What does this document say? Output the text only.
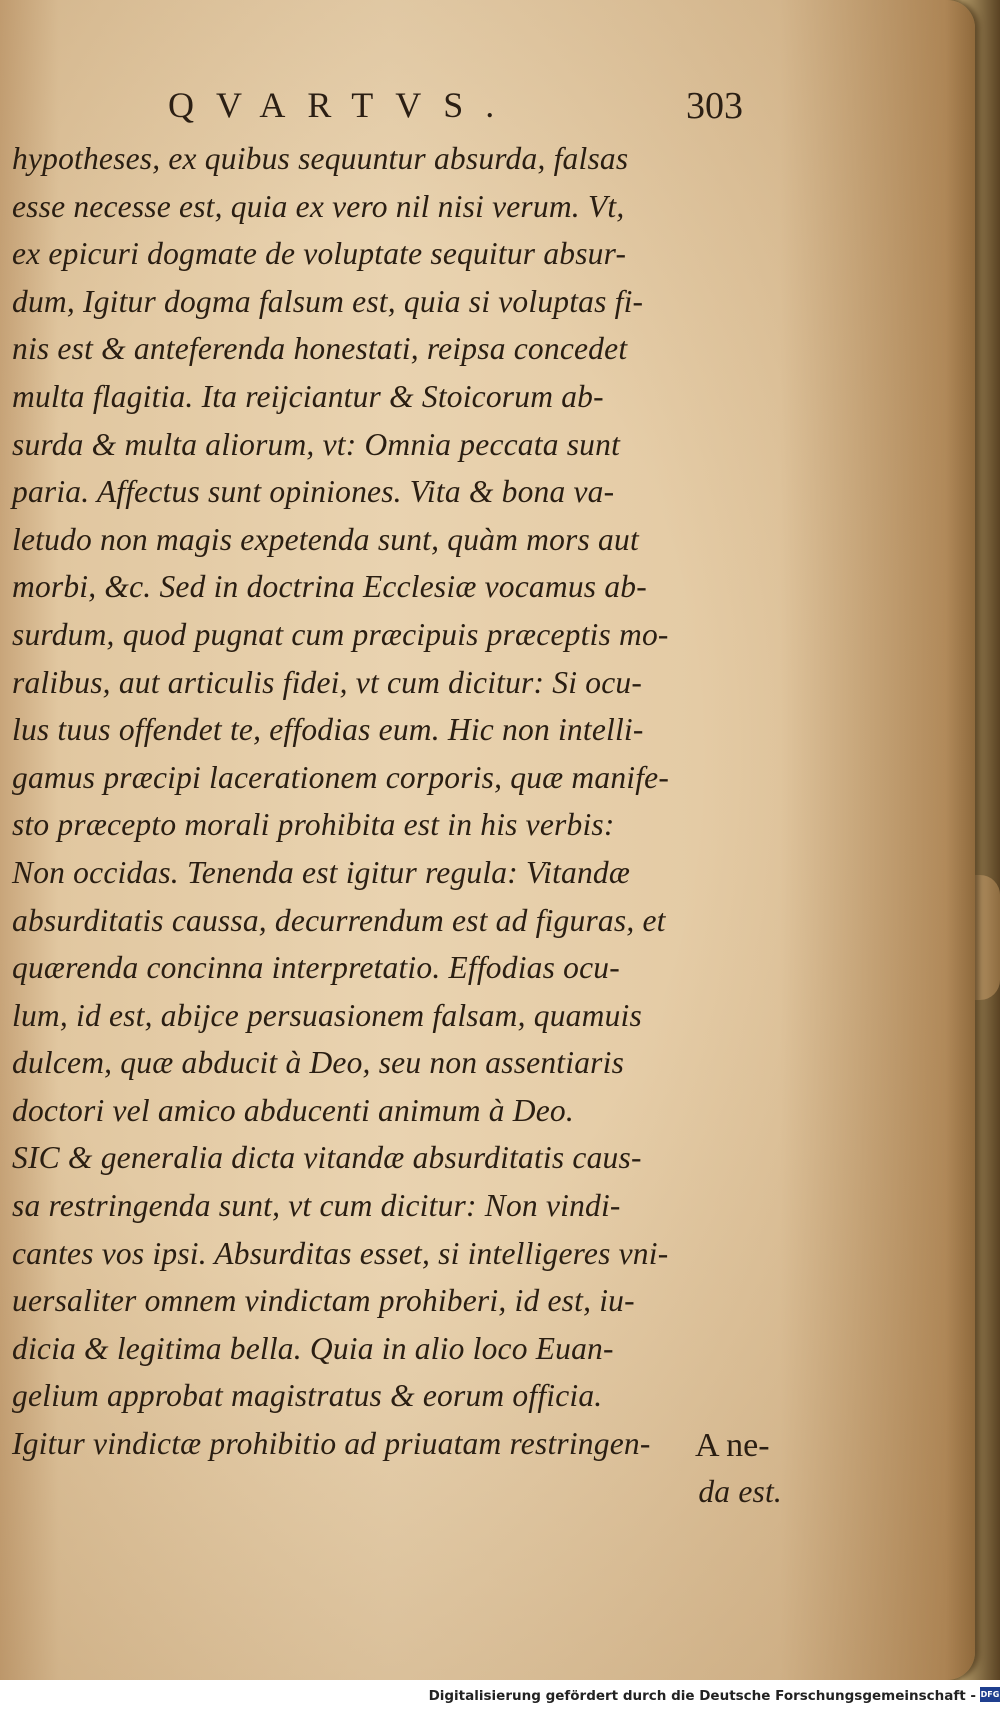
QVARTVS.	303
hypotheses, ex quibus sequuntur absurda, falsas
esse necesse est, quia ex vero nil nisi verum. Vt,
ex epicuri dogmate de voluptate sequitur absur-
dum, Igitur dogma falsum est, quia si voluptas fi-
nis est & anteferenda honestati, reipsa concedet
multa flagitia. Ita reijciantur & Stoicorum ab-
surda & multa aliorum, vt: Omnia peccata sunt
paria. Affectus sunt opiniones. Vita & bona va-
letudo non magis expetenda sunt, quàm mors aut
morbi, &c. Sed in doctrina Ecclesiæ vocamus ab-
surdum, quod pugnat cum præcipuis præceptis mo-
ralibus, aut articulis fidei, vt cum dicitur: Si ocu-
lus tuus offendet te, effodias eum. Hic non intelli-
gamus præcipi lacerationem corporis, quæ manife-
sto præcepto morali prohibita est in his verbis:
Non occidas. Tenenda est igitur regula: Vitandæ
absurditatis caussa, decurrendum est ad figuras, et
quærenda concinna interpretatio. Effodias ocu-
lum, id est, abijce persuasionem falsam, quamuis
dulcem, quæ abducit à Deo, seu non assentiaris
doctori vel amico abducenti animum à Deo.
SIC & generalia dicta vitandæ absurditatis caus-
sa restringenda sunt, vt cum dicitur: Non vindi-
cantes vos ipsi. Absurditas esset, si intelligeres vni-
uersaliter omnem vindictam prohiberi, id est, iu-
dicia & legitima bella. Quia in alio loco Euan-
gelium approbat magistratus & eorum officia.
Igitur vindictæ prohibitio ad priuatam restringen-
da est.
A ne-
Digitalisierung gefördert durch die Deutsche Forschungsgemeinschaft - DFG
